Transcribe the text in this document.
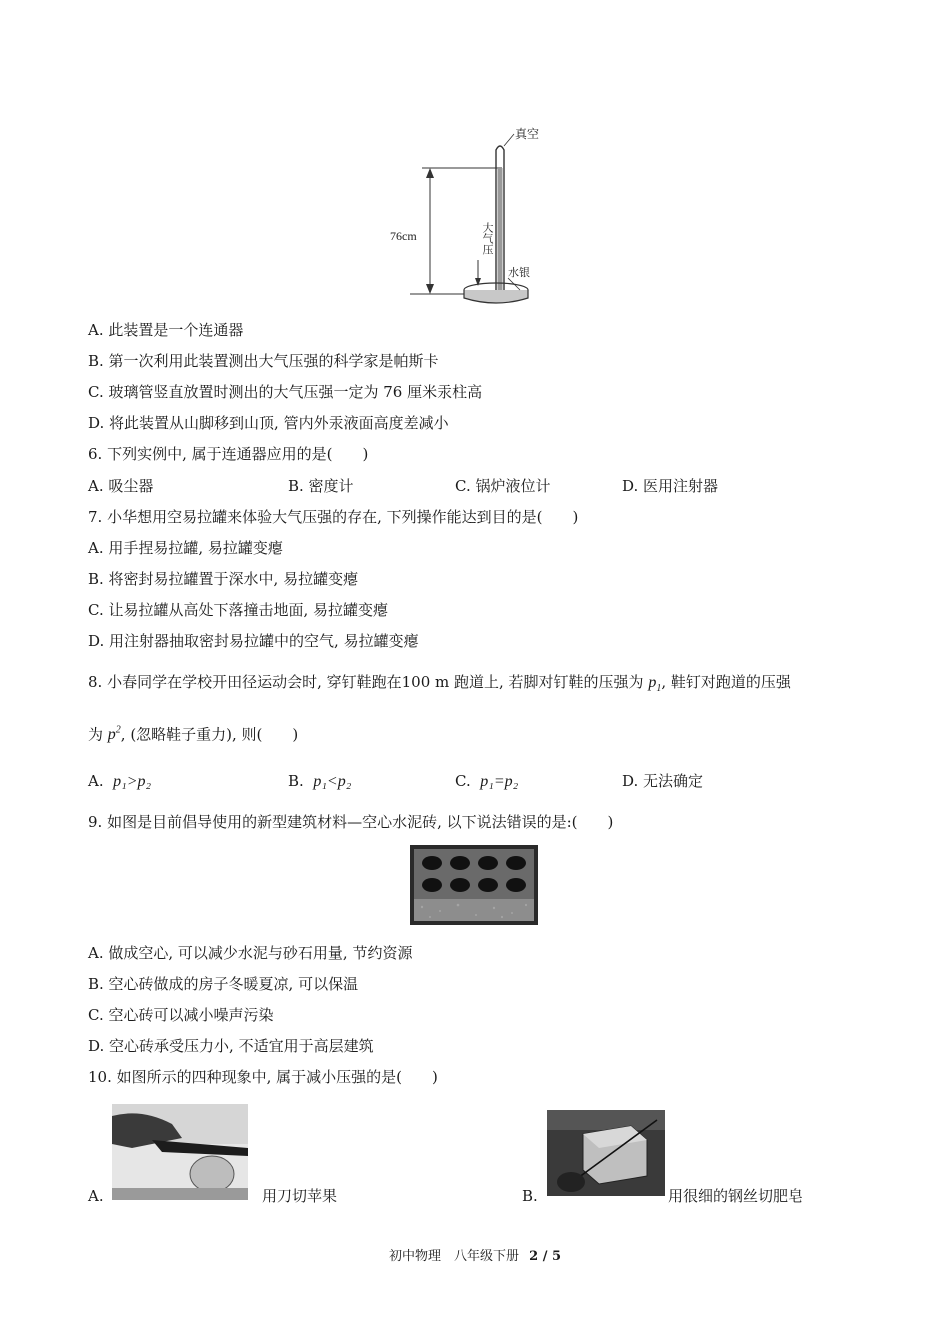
真空
76cm
水银
大气压
A. 此装置是一个连通器
B. 第一次利用此装置测出大气压强的科学家是帕斯卡
C. 玻璃管竖直放置时测出的大气压强一定为 76 厘米汞柱高
D. 将此装置从山脚移到山顶, 管内外汞液面高度差减小
6. 下列实例中, 属于连通器应用的是(　　)
A. 吸尘器	B. 密度计	C. 锅炉液位计	D. 医用注射器
7. 小华想用空易拉罐来体验大气压强的存在, 下列操作能达到目的是(　　)
A. 用手捏易拉罐, 易拉罐变瘪
B. 将密封易拉罐置于深水中, 易拉罐变瘪
C. 让易拉罐从高处下落撞击地面, 易拉罐变瘪
D. 用注射器抽取密封易拉罐中的空气, 易拉罐变瘪
8. 小春同学在学校开田径运动会时, 穿钉鞋跑在100 m 跑道上, 若脚对钉鞋的压强为 $p_1$, 鞋钉对跑道的压强
为 $p^2$, (忽略鞋子重力), 则(　　)
A. p₁>p₂	B. p₁<p₂	C. p₁=p₂	D. 无法确定
9. 如图是目前倡导使用的新型建筑材料—空心水泥砖, 以下说法错误的是:(　　)
A. 做成空心, 可以减少水泥与砂石用量, 节约资源
B. 空心砖做成的房子冬暖夏凉, 可以保温
C. 空心砖可以减小噪声污染
D. 空心砖承受压力小, 不适宜用于高层建筑
10. 如图所示的四种现象中, 属于减小压强的是(　　)
A.	用刀切苹果	B.	用很细的钢丝切肥皂
初中物理　八年级下册 2 / 5
